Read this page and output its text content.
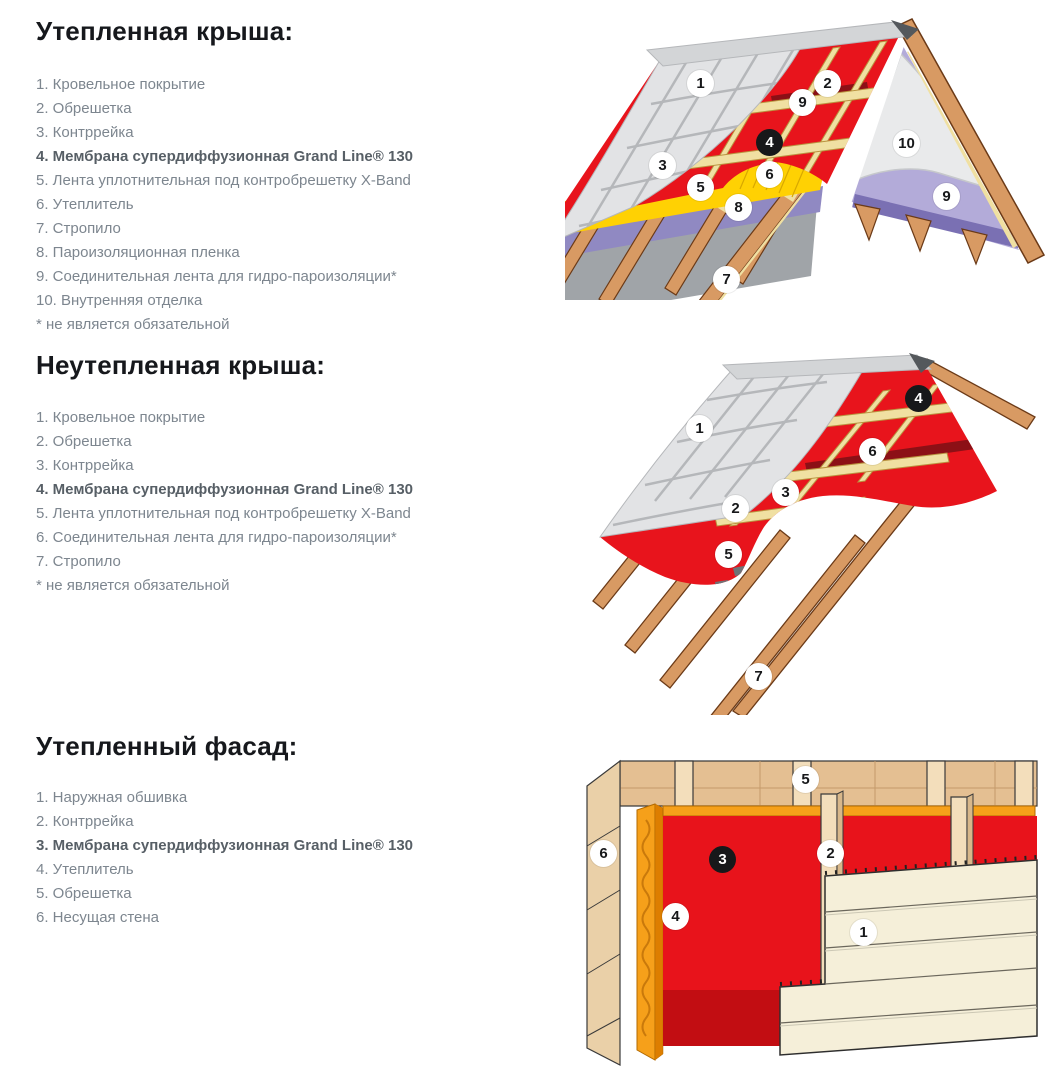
Утепленная крыша:
1. Кровельное покрытие
2. Обрешетка
3. Контррейка
4. Мембрана супердиффузионная Grand Line® 130
5. Лента уплотнительная под контробрешетку X-Band
6. Утеплитель
7. Стропило
8. Пароизоляционная пленка
9. Соединительная лента для гидро-пароизоляции*
10. Внутренняя отделка
* не является обязательной
1	2
9
4
3
5
6
8
7
10
9
Неутепленная крыша:
1. Кровельное покрытие
2. Обрешетка
3. Контррейка
4. Мембрана супердиффузионная Grand Line® 130
5. Лента уплотнительная под контробрешетку X-Band
6. Соединительная лента для гидро-пароизоляции*
7. Стропило
* не является обязательной
1
4
6
3
2
5
7
Утепленный фасад:
1. Наружная обшивка
2. Контррейка
3. Мембрана супердиффузионная Grand Line® 130
4. Утеплитель
5. Обрешетка
6. Несущая стена
6
5
3	2
4
1
